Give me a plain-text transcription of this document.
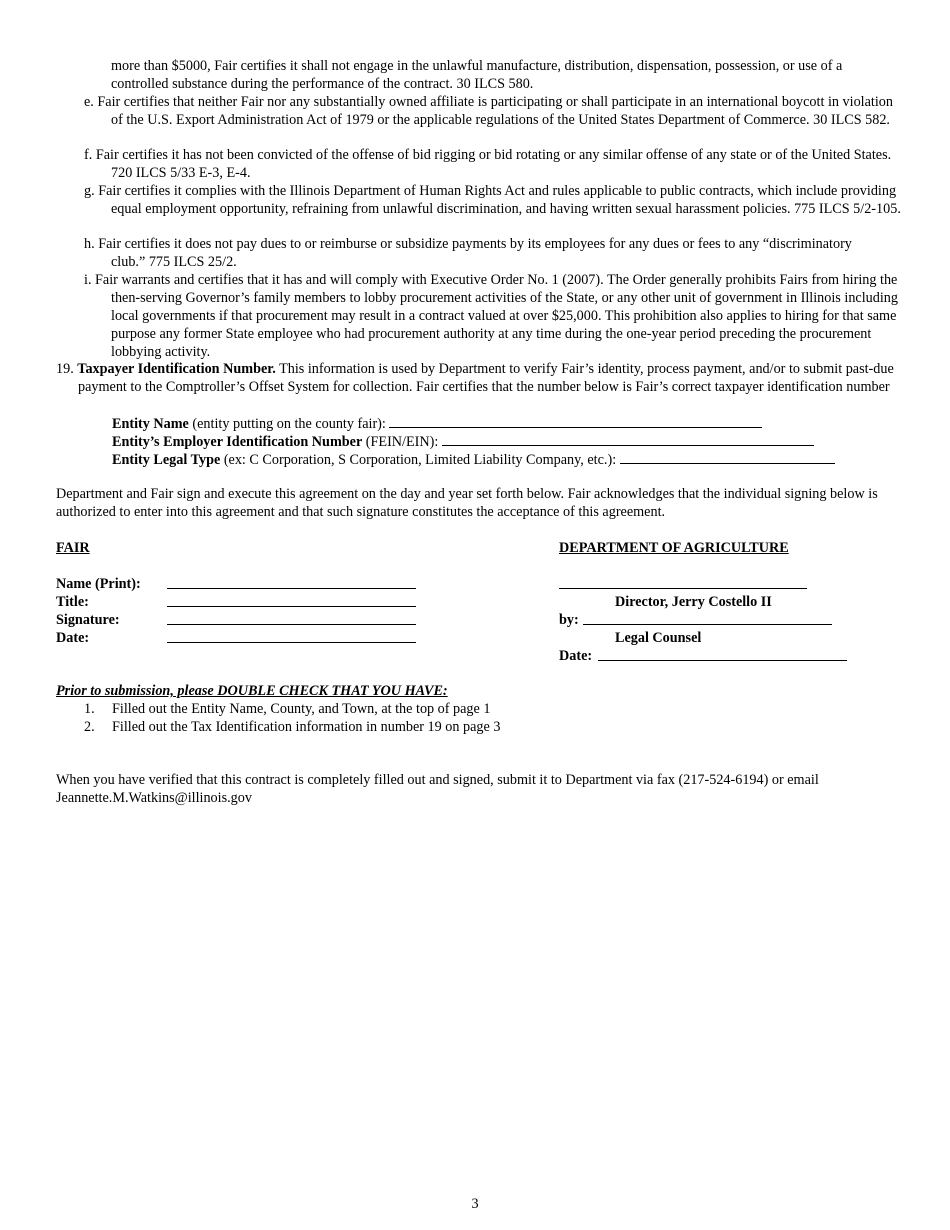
more than $5000, Fair certifies it shall not engage in the unlawful manufacture, distribution, dispensation, possession, or use of a controlled substance during the performance of the contract. 30 ILCS 580.
e. Fair certifies that neither Fair nor any substantially owned affiliate is participating or shall participate in an international boycott in violation of the U.S. Export Administration Act of 1979 or the applicable regulations of the United States Department of Commerce. 30 ILCS 582.
f. Fair certifies it has not been convicted of the offense of bid rigging or bid rotating or any similar offense of any state or of the United States. 720 ILCS 5/33 E-3, E-4.
g. Fair certifies it complies with the Illinois Department of Human Rights Act and rules applicable to public contracts, which include providing equal employment opportunity, refraining from unlawful discrimination, and having written sexual harassment policies. 775 ILCS 5/2-105.
h. Fair certifies it does not pay dues to or reimburse or subsidize payments by its employees for any dues or fees to any “discriminatory club.” 775 ILCS 25/2.
i. Fair warrants and certifies that it has and will comply with Executive Order No. 1 (2007). The Order generally prohibits Fairs from hiring the then-serving Governor’s family members to lobby procurement activities of the State, or any other unit of government in Illinois including local governments if that procurement may result in a contract valued at over $25,000. This prohibition also applies to hiring for that same purpose any former State employee who had procurement authority at any time during the one-year period preceding the procurement lobbying activity.
19. Taxpayer Identification Number. This information is used by Department to verify Fair’s identity, process payment, and/or to submit past-due payment to the Comptroller’s Offset System for collection. Fair certifies that the number below is Fair’s correct taxpayer identification number
Entity Name (entity putting on the county fair):
Entity’s Employer Identification Number (FEIN/EIN):
Entity Legal Type (ex: C Corporation, S Corporation, Limited Liability Company, etc.):
Department and Fair sign and execute this agreement on the day and year set forth below. Fair acknowledges that the individual signing below is authorized to enter into this agreement and that such signature constitutes the acceptance of this agreement.
FAIR
Name (Print):
Title:
Signature:
Date:
DEPARTMENT OF AGRICULTURE
Director, Jerry Costello II
by:
Legal Counsel
Date:
Prior to submission, please DOUBLE CHECK THAT YOU HAVE:
1. Filled out the Entity Name, County, and Town, at the top of page 1
2. Filled out the Tax Identification information in number 19 on page 3
When you have verified that this contract is completely filled out and signed, submit it to Department via fax (217-524-6194) or email Jeannette.M.Watkins@illinois.gov
3
